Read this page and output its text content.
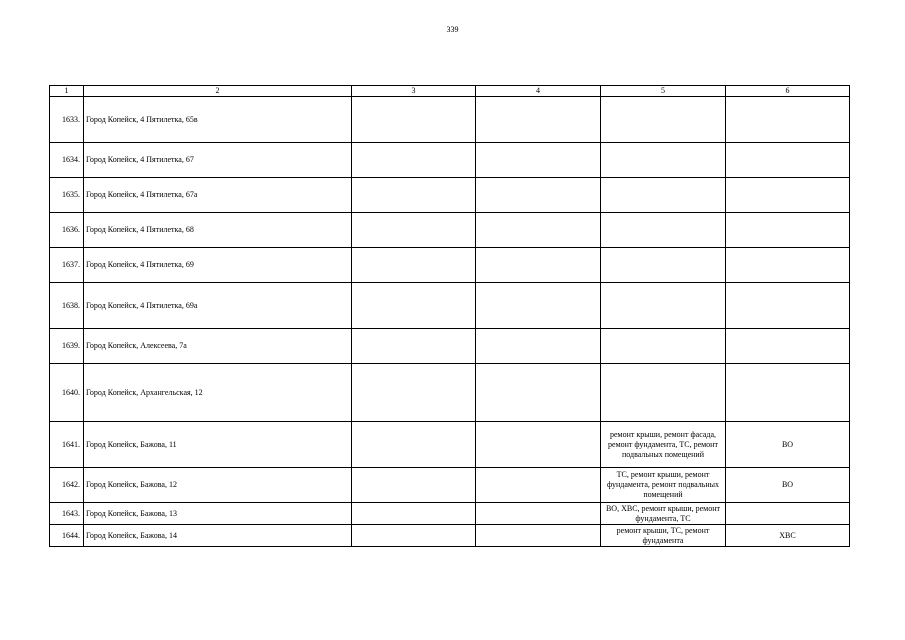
339
1	2	3	4	5	6
1633.	Город Копейск, 4 Пятилетка, 65в				
1634.	Город Копейск, 4 Пятилетка, 67				
1635.	Город Копейск, 4 Пятилетка, 67а				
1636.	Город Копейск, 4 Пятилетка, 68				
1637.	Город Копейск, 4 Пятилетка, 69				
1638.	Город Копейск, 4 Пятилетка, 69а				
1639.	Город Копейск, Алексеева, 7а				
1640.	Город Копейск, Архангельская, 12				
1641.	Город Копейск, Бажова, 11			ремонт крыши, ремонт фасада, ремонт фундамента, ТС, ремонт подвальных помещений	ВО
1642.	Город Копейск, Бажова, 12			ТС, ремонт крыши, ремонт фундамента, ремонт подвальных помещений	ВО
1643.	Город Копейск, Бажова, 13			ВО, ХВС, ремонт крыши, ремонт фундамента, ТС	
1644.	Город Копейск, Бажова, 14			ремонт крыши, ТС, ремонт фундамента	ХВС
